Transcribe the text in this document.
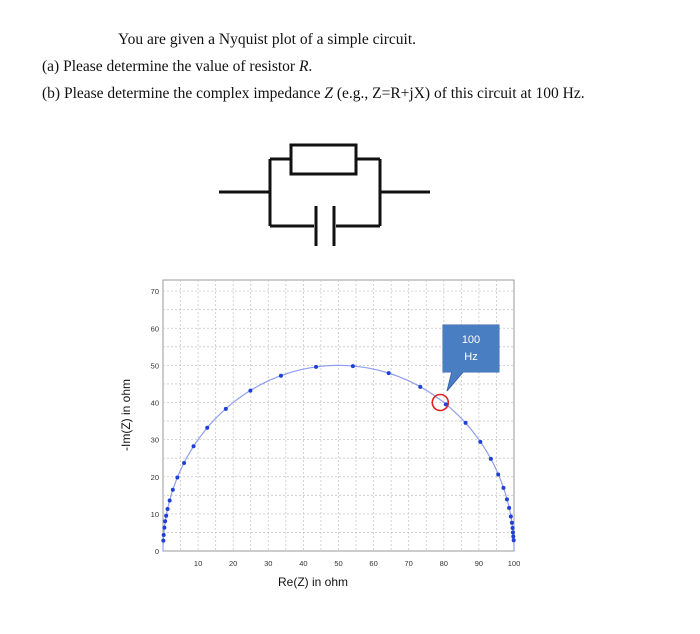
You are given a Nyquist plot of a simple circuit.
(a) Please determine the value of resistor R.
(b) Please determine the complex impedance Z (e.g., Z=R+jX) of this circuit at 100 Hz.
10	20	30	40	50	60	70	80	90	100
0
10
20
30
40
50
60
70
100
Hz
Re(Z) in ohm
-Im(Z) in ohm
